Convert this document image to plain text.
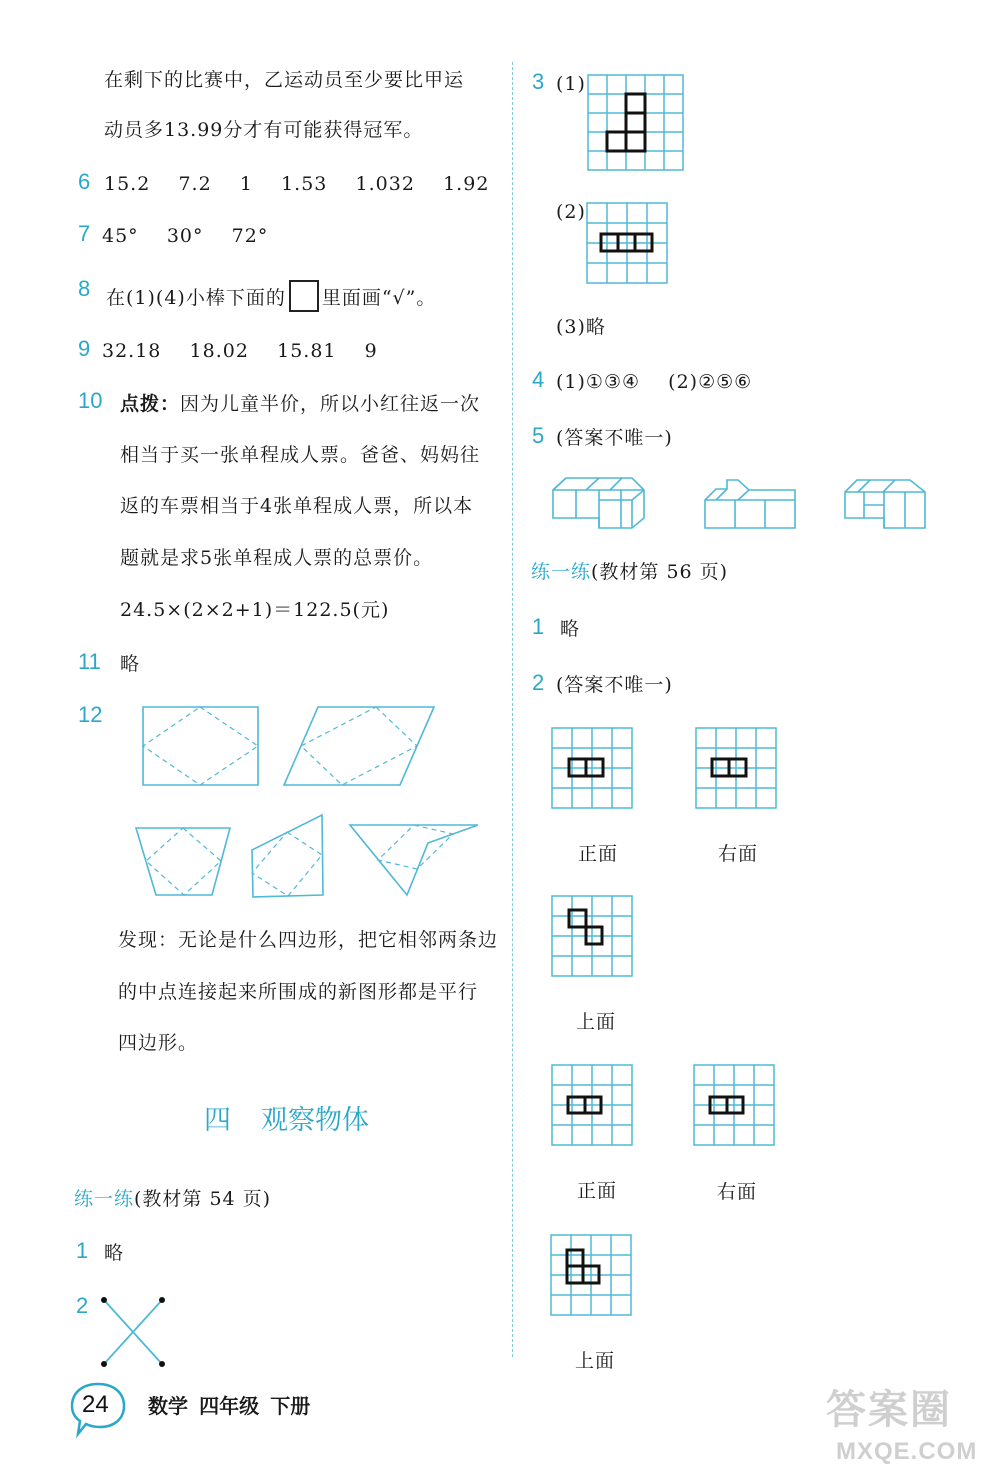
在剩下的比赛中，乙运动员至少要比甲运
动员多13.99分才有可能获得冠军。
6 15.2    7.2    1    1.53    1.032    1.92
7 45°    30°    72°
8 在(1)(4)小棒下面的 里面画“√”。
9 32.18    18.02    15.81    9
10 点拨：因为儿童半价，所以小红往返一次
相当于买一张单程成人票。爸爸、妈妈往
返的车票相当于4张单程成人票，所以本
题就是求5张单程成人票的总票价。
24.5×(2×2+1)＝122.5(元)
11 略
12
发现：无论是什么四边形，把它相邻两条边
的中点连接起来所围成的新图形都是平行
四边形。
四    观察物体
练一练(教材第 54 页)
1 略
2
3 (1)
(2)
(3)略
4 (1)①③④    (2)②⑤⑥
5 (答案不唯一)
练一练(教材第 56 页)
1 略
2 (答案不唯一)
正面	右面
上面
正面	右面
上面
24 数学  四年级  下册	答案圈
MXQE.COM
